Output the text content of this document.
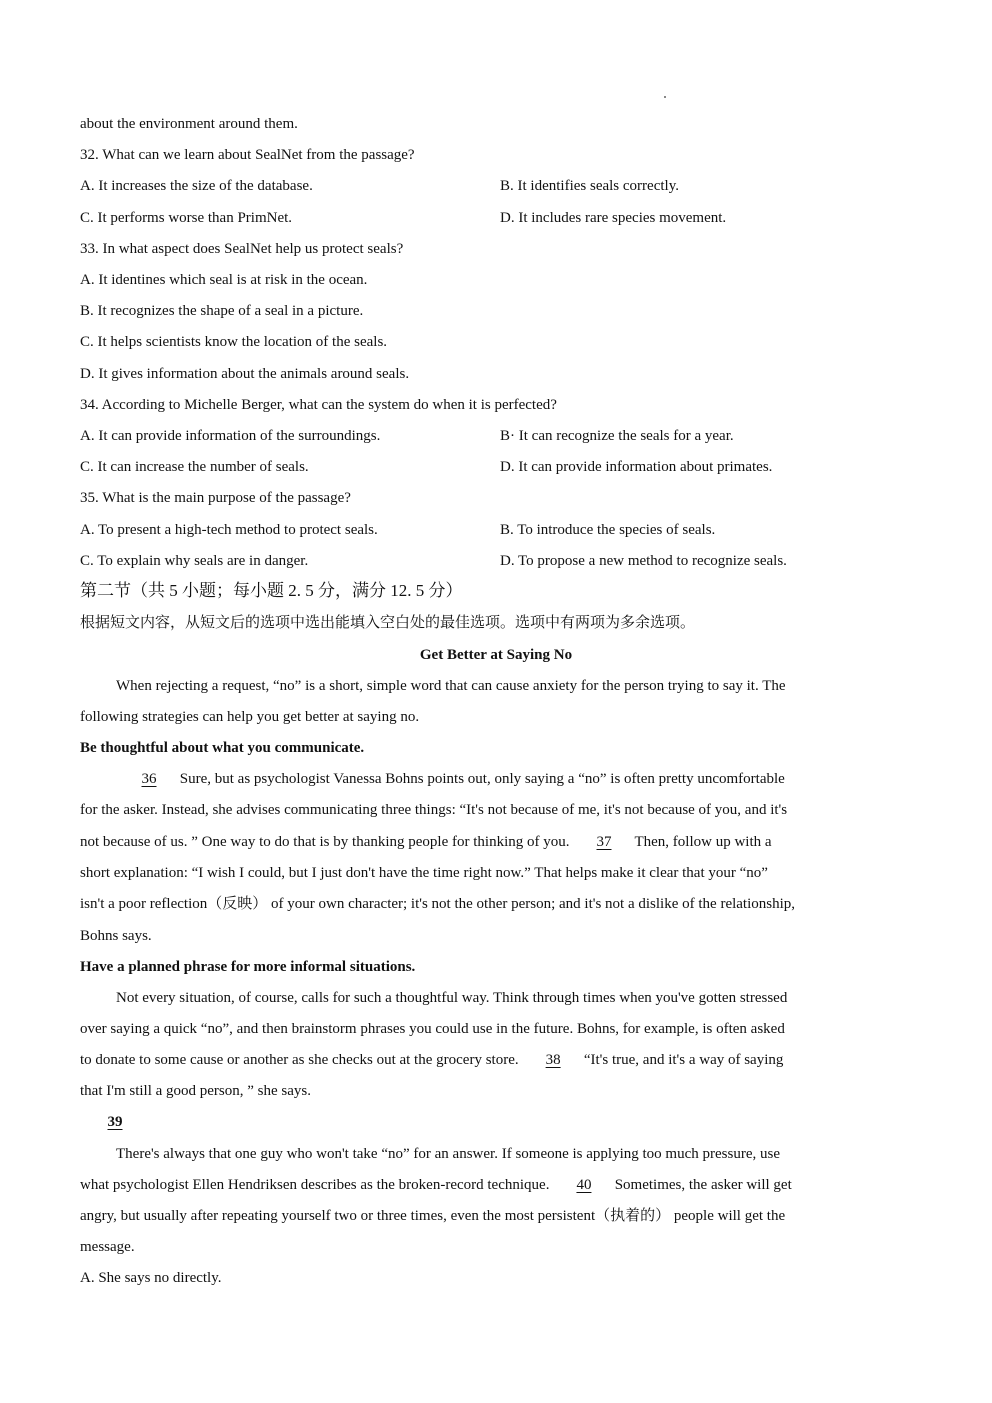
about the environment around them.
32. What can we learn about SealNet from the passage?
A. It increases the size of the database.	B. It identifies seals correctly.
C. It performs worse than PrimNet.	D. It includes rare species movement.
33. In what aspect does SealNet help us protect seals?
A. It identines which seal is at risk in the ocean.
B. It recognizes the shape of a seal in a picture.
C. It helps scientists know the location of the seals.
D. It gives information about the animals around seals.
34. According to Michelle Berger, what can the system do when it is perfected?
A. It can provide information of the surroundings.	B· It can recognize the seals for a year.
C. It can increase the number of seals.	D. It can provide information about primates.
35. What is the main purpose of the passage?
A. To present a high-tech method to protect seals.	B. To introduce the species of seals.
C. To explain why seals are in danger.	D. To propose a new method to recognize seals.
第二节（共 5 小题；每小题 2. 5 分，满分 12. 5 分）
根据短文内容，从短文后的选项中选出能填入空白处的最佳选项。选项中有两项为多余选项。
Get Better at Saying No
When rejecting a request, “no” is a short, simple word that can cause anxiety for the person trying to say it. The
following strategies can help you get better at saying no.
Be thoughtful about what you communicate.
36 Sure, but as psychologist Vanessa Bohns points out, only saying a “no” is often pretty uncomfortable
for the asker. Instead, she advises communicating three things: “It's not because of me, it's not because of you, and it's
not because of us. ” One way to do that is by thanking people for thinking of you. 37 Then, follow up with a
short explanation: “I wish I could, but I just don't have the time right now.” That helps make it clear that your “no”
isn't a poor reflection（反映） of your own character; it's not the other person; and it's not a dislike of the relationship,
Bohns says.
Have a planned phrase for more informal situations.
Not every situation, of course, calls for such a thoughtful way. Think through times when you've gotten stressed
over saying a quick “no”, and then brainstorm phrases you could use in the future. Bohns, for example, is often asked
to donate to some cause or another as she checks out at the grocery store. 38 “It's true, and it's a way of saying
that I'm still a good person, ” she says.
39
There's always that one guy who won't take “no” for an answer. If someone is applying too much pressure, use
what psychologist Ellen Hendriksen describes as the broken-record technique. 40 Sometimes, the asker will get
angry, but usually after repeating yourself two or three times, even the most persistent（执着的） people will get the
message.
A. She says no directly.
